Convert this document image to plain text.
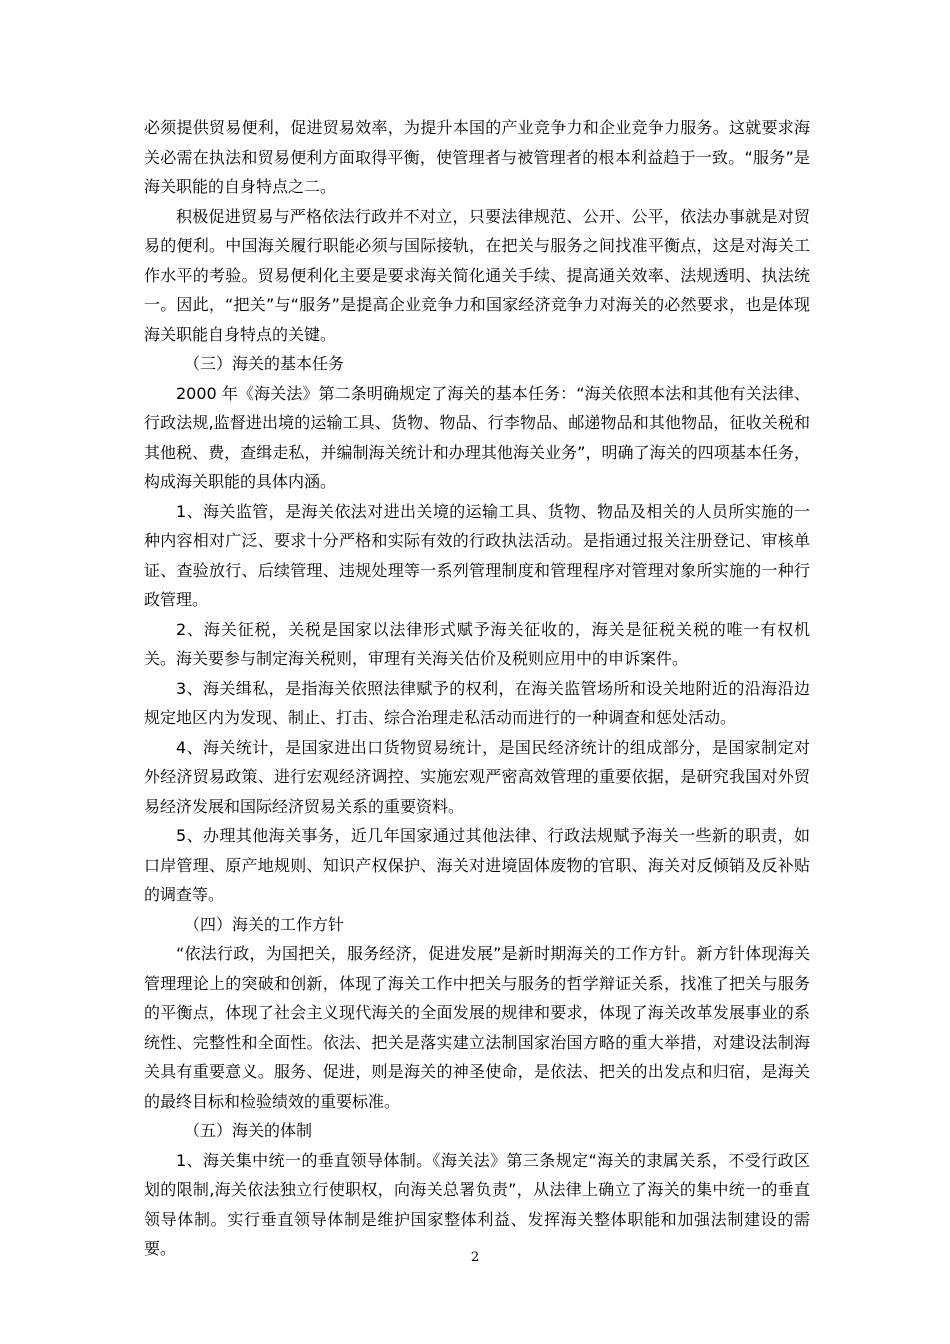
必须提供贸易便利，促进贸易效率，为提升本国的产业竞争力和企业竞争力服务。这就要求海关必需在执法和贸易便利方面取得平衡，使管理者与被管理者的根本利益趋于一致。“服务”是海关职能的自身特点之二。

积极促进贸易与严格依法行政并不对立，只要法律规范、公开、公平，依法办事就是对贸易的便利。中国海关履行职能必须与国际接轨，在把关与服务之间找准平衡点，这是对海关工作水平的考验。贸易便利化主要是要求海关简化通关手续、提高通关效率、法规透明、执法统一。因此，“把关”与“服务”是提高企业竞争力和国家经济竞争力对海关的必然要求，也是体现海关职能自身特点的关键。

（三）海关的基本任务

2000 年《海关法》第二条明确规定了海关的基本任务：“海关依照本法和其他有关法律、行政法规,监督进出境的运输工具、货物、物品、行李物品、邮递物品和其他物品，征收关税和其他税、费，查缉走私，并编制海关统计和办理其他海关业务”，明确了海关的四项基本任务，构成海关职能的具体内涵。

1、海关监管，是海关依法对进出关境的运输工具、货物、物品及相关的人员所实施的一种内容相对广泛、要求十分严格和实际有效的行政执法活动。是指通过报关注册登记、审核单证、查验放行、后续管理、违规处理等一系列管理制度和管理程序对管理对象所实施的一种行政管理。

2、海关征税，关税是国家以法律形式赋予海关征收的，海关是征税关税的唯一有权机关。海关要参与制定海关税则，审理有关海关估价及税则应用中的申诉案件。

3、海关缉私，是指海关依照法律赋予的权利，在海关监管场所和设关地附近的沿海沿边规定地区内为发现、制止、打击、综合治理走私活动而进行的一种调查和惩处活动。

4、海关统计，是国家进出口货物贸易统计，是国民经济统计的组成部分，是国家制定对外经济贸易政策、进行宏观经济调控、实施宏观严密高效管理的重要依据，是研究我国对外贸易经济发展和国际经济贸易关系的重要资料。

5、办理其他海关事务，近几年国家通过其他法律、行政法规赋予海关一些新的职责，如口岸管理、原产地规则、知识产权保护、海关对进境固体废物的官职、海关对反倾销及反补贴的调查等。

（四）海关的工作方针

“依法行政，为国把关，服务经济，促进发展”是新时期海关的工作方针。新方针体现海关管理理论上的突破和创新，体现了海关工作中把关与服务的哲学辩证关系，找准了把关与服务的平衡点，体现了社会主义现代海关的全面发展的规律和要求，体现了海关改革发展事业的系统性、完整性和全面性。依法、把关是落实建立法制国家治国方略的重大举措，对建设法制海关具有重要意义。服务、促进，则是海关的神圣使命，是依法、把关的出发点和归宿，是海关的最终目标和检验绩效的重要标准。

（五）海关的体制

1、海关集中统一的垂直领导体制。《海关法》第三条规定“海关的隶属关系，不受行政区划的限制,海关依法独立行使职权，向海关总署负责”，从法律上确立了海关的集中统一的垂直领导体制。实行垂直领导体制是维护国家整体利益、发挥海关整体职能和加强法制建设的需要。	2
